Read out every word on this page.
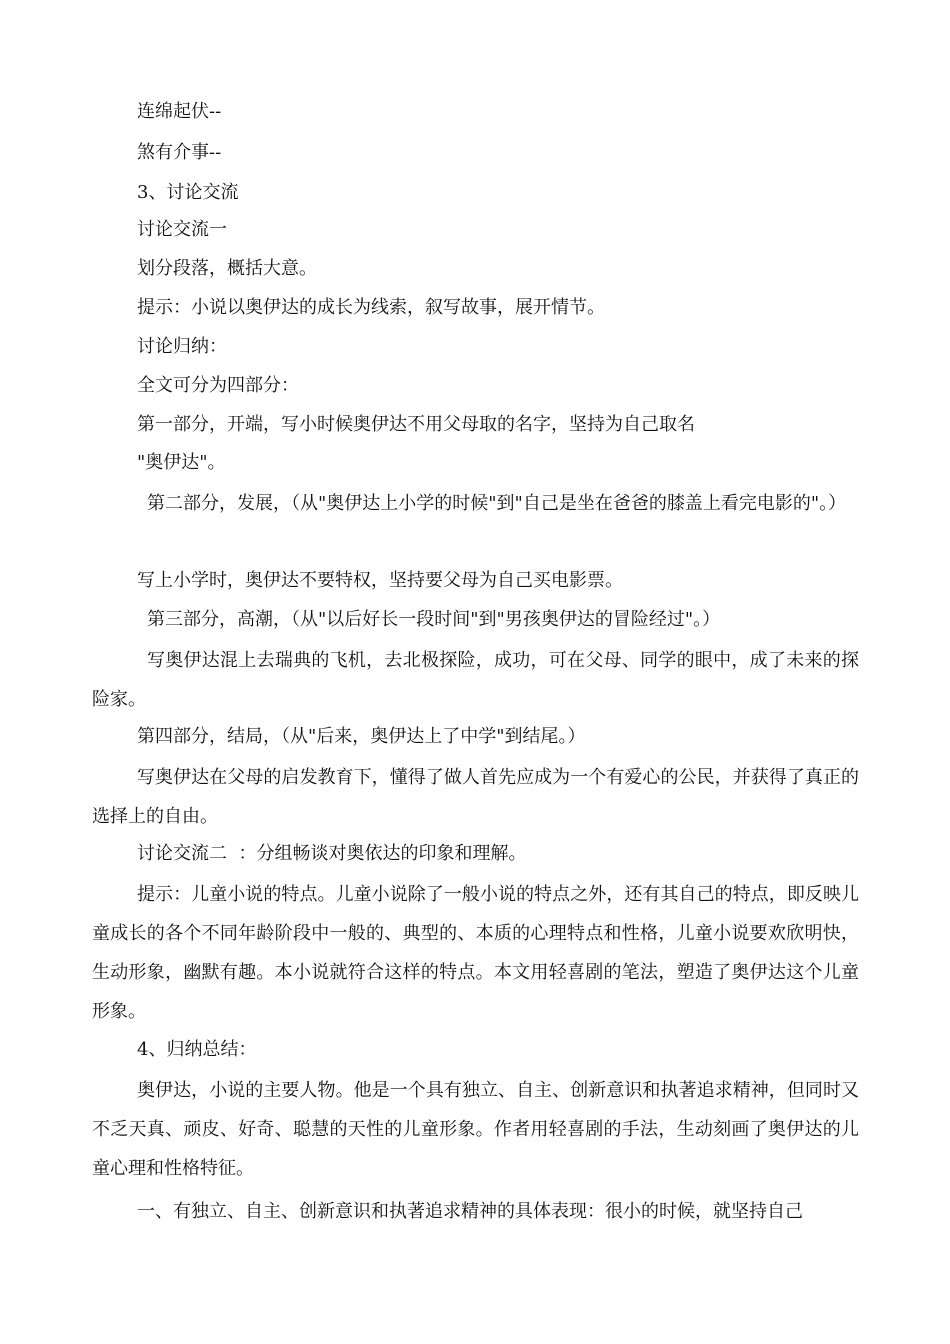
连绵起伏--

煞有介事--

3、讨论交流

讨论交流一

划分段落，概括大意。

提示：小说以奥伊达的成长为线索，叙写故事，展开情节。

讨论归纳：

全文可分为四部分：

第一部分，开端，写小时候奥伊达不用父母取的名字，坚持为自己取名

"奥伊达"。

第二部分，发展，（从"奥伊达上小学的时候"到"自己是坐在爸爸的膝盖上看完电影的"。）

写上小学时，奥伊达不要特权，坚持要父母为自己买电影票。

第三部分，高潮，（从"以后好长一段时间"到"男孩奥伊达的冒险经过"。）

写奥伊达混上去瑞典的飞机，去北极探险，成功，可在父母、同学的眼中，成了未来的探险家。

第四部分，结局，（从"后来，奥伊达上了中学"到结尾。）

写奥伊达在父母的启发教育下，懂得了做人首先应成为一个有爱心的公民，并获得了真正的选择上的自由。

讨论交流二  ：分组畅谈对奥依达的印象和理解。

提示：儿童小说的特点。儿童小说除了一般小说的特点之外，还有其自己的特点，即反映儿童成长的各个不同年龄阶段中一般的、典型的、本质的心理特点和性格，儿童小说要欢欣明快，生动形象，幽默有趣。本小说就符合这样的特点。本文用轻喜剧的笔法，塑造了奥伊达这个儿童形象。

4、归纳总结：

奥伊达，小说的主要人物。他是一个具有独立、自主、创新意识和执著追求精神，但同时又不乏天真、顽皮、好奇、聪慧的天性的儿童形象。作者用轻喜剧的手法，生动刻画了奥伊达的儿童心理和性格特征。

一、有独立、自主、创新意识和执著追求精神的具体表现：很小的时候，就坚持自己
